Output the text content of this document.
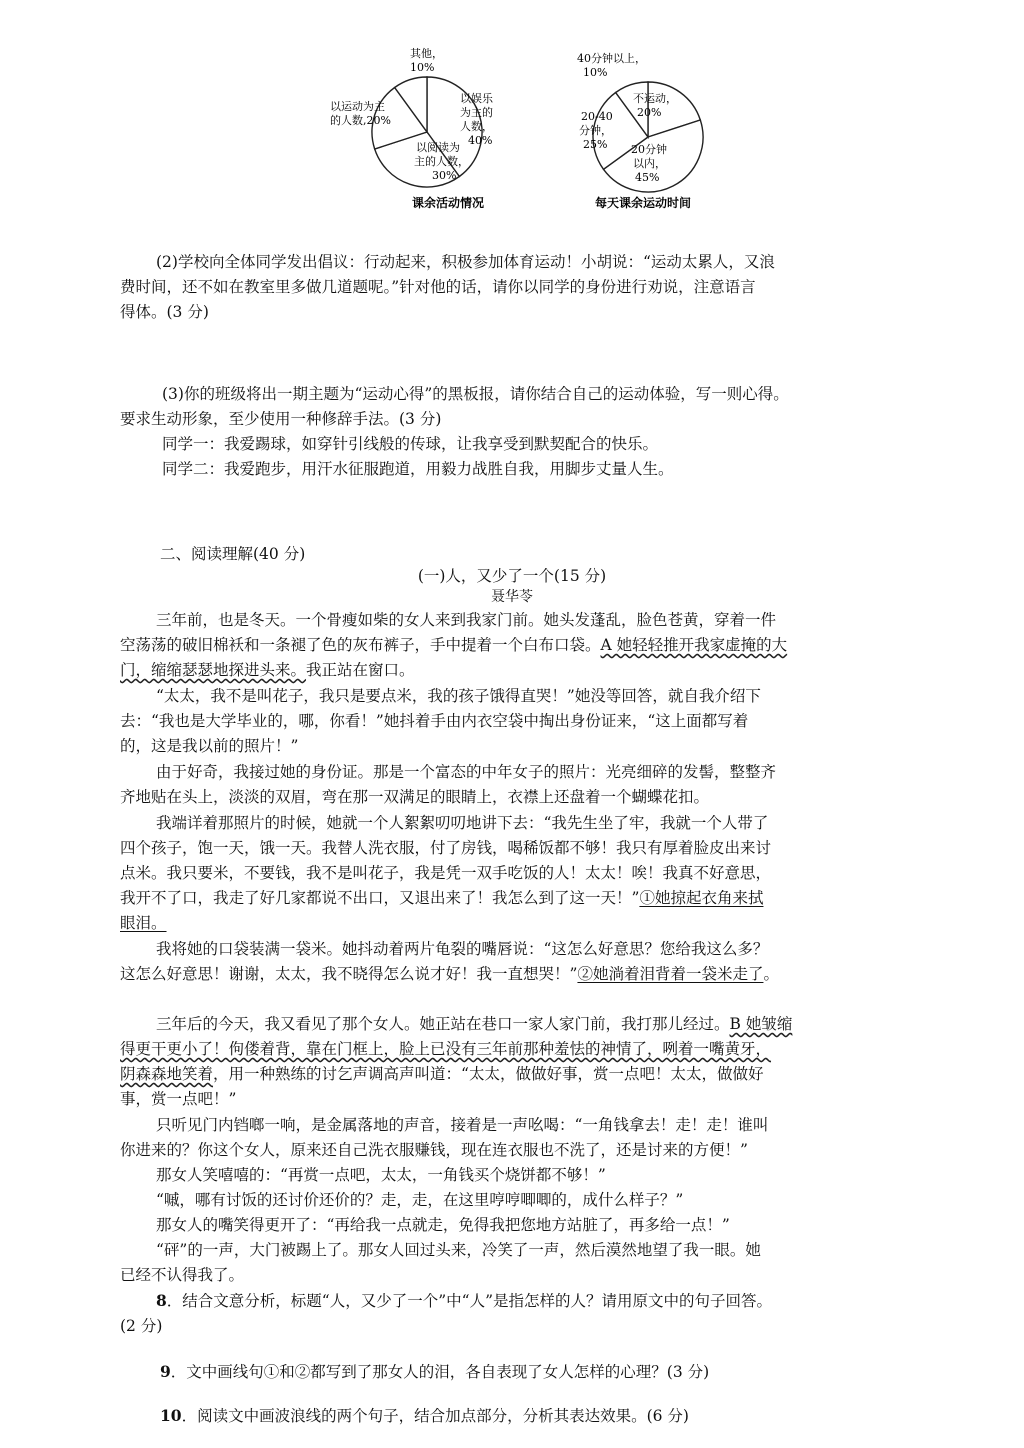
其他，
10%
以运动为主
的人数,20%
以娱乐
为主的
人数，
40%
以阅读为
主的人数，
30%
课余活动情况
40分钟以上，
10%
不运动，
20%
20-40
分钟，
25% 20分钟
以内，
45%
每天课余运动时间
(2)学校向全体同学发出倡议：行动起来，积极参加体育运动！小胡说：“运动太累人，又浪
费时间，还不如在教室里多做几道题呢。”针对他的话，请你以同学的身份进行劝说，注意语言
得体。(3 分)
(3)你的班级将出一期主题为“运动心得”的黑板报，请你结合自己的运动体验，写一则心得。
要求生动形象，至少使用一种修辞手法。(3 分)
同学一：我爱踢球，如穿针引线般的传球，让我享受到默契配合的快乐。
同学二：我爱跑步，用汗水征服跑道，用毅力战胜自我，用脚步丈量人生。
二、阅读理解(40 分)
(一)人，又少了一个(15 分)
聂华苓
三年前，也是冬天。一个骨瘦如柴的女人来到我家门前。她头发蓬乱，脸色苍黄，穿着一件
空荡荡的破旧棉袄和一条褪了色的灰布裤子，手中提着一个白布口袋。A 她轻轻推开我家虚掩的大
门，缩缩瑟瑟地探进头来。我正站在窗口。
“太太，我不是叫花子，我只是要点米，我的孩子饿得直哭！”她没等回答，就自我介绍下
去：“我也是大学毕业的，哪，你看！”她抖着手由内衣空袋中掏出身份证来，“这上面都写着
的，这是我以前的照片！”
由于好奇，我接过她的身份证。那是一个富态的中年女子的照片：光亮细碎的发髻，整整齐
齐地贴在头上，淡淡的双眉，弯在那一双满足的眼睛上，衣襟上还盘着一个蝴蝶花扣。
我端详着那照片的时候，她就一个人絮絮叨叨地讲下去：“我先生坐了牢，我就一个人带了
四个孩子，饱一天，饿一天。我替人洗衣服，付了房钱，喝稀饭都不够！我只有厚着脸皮出来讨
点米。我只要米，不要钱，我不是叫花子，我是凭一双手吃饭的人！太太！唉！我真不好意思，
我开不了口，我走了好几家都说不出口，又退出来了！我怎么到了这一天！”①她掠起衣角来拭
眼泪。
我将她的口袋装满一袋米。她抖动着两片龟裂的嘴唇说：“这怎么好意思？您给我这么多？
这怎么好意思！谢谢，太太，我不晓得怎么说才好！我一直想哭！”②她淌着泪背着一袋米走了。
三年后的今天，我又看见了那个女人。她正站在巷口一家人家门前，我打那儿经过。B 她皱缩
得更干更小了！佝偻着背，靠在门框上，脸上已没有三年前那种羞怯的神情了，咧着一嘴黄牙，
阴森森地笑着，用一种熟练的讨乞声调高声叫道：“太太，做做好事，赏一点吧！太太，做做好
事，赏一点吧！”
只听见门内铛啷一响，是金属落地的声音，接着是一声吆喝：“一角钱拿去！走！走！谁叫
你进来的？你这个女人，原来还自己洗衣服赚钱，现在连衣服也不洗了，还是讨来的方便！”
那女人笑嘻嘻的：“再赏一点吧，太太，一角钱买个烧饼都不够！”
“嘁，哪有讨饭的还讨价还价的？走，走，在这里哼哼唧唧的，成什么样子？”
那女人的嘴笑得更开了：“再给我一点就走，免得我把您地方站脏了，再多给一点！”
“砰”的一声，大门被踢上了。那女人回过头来，冷笑了一声，然后漠然地望了我一眼。她
已经不认得我了。
8．结合文意分析，标题“人，又少了一个”中“人”是指怎样的人？请用原文中的句子回答。
(2 分)
9．文中画线句①和②都写到了那女人的泪，各自表现了女人怎样的心理？(3 分)
10．阅读文中画波浪线的两个句子，结合加点部分，分析其表达效果。(6 分)
